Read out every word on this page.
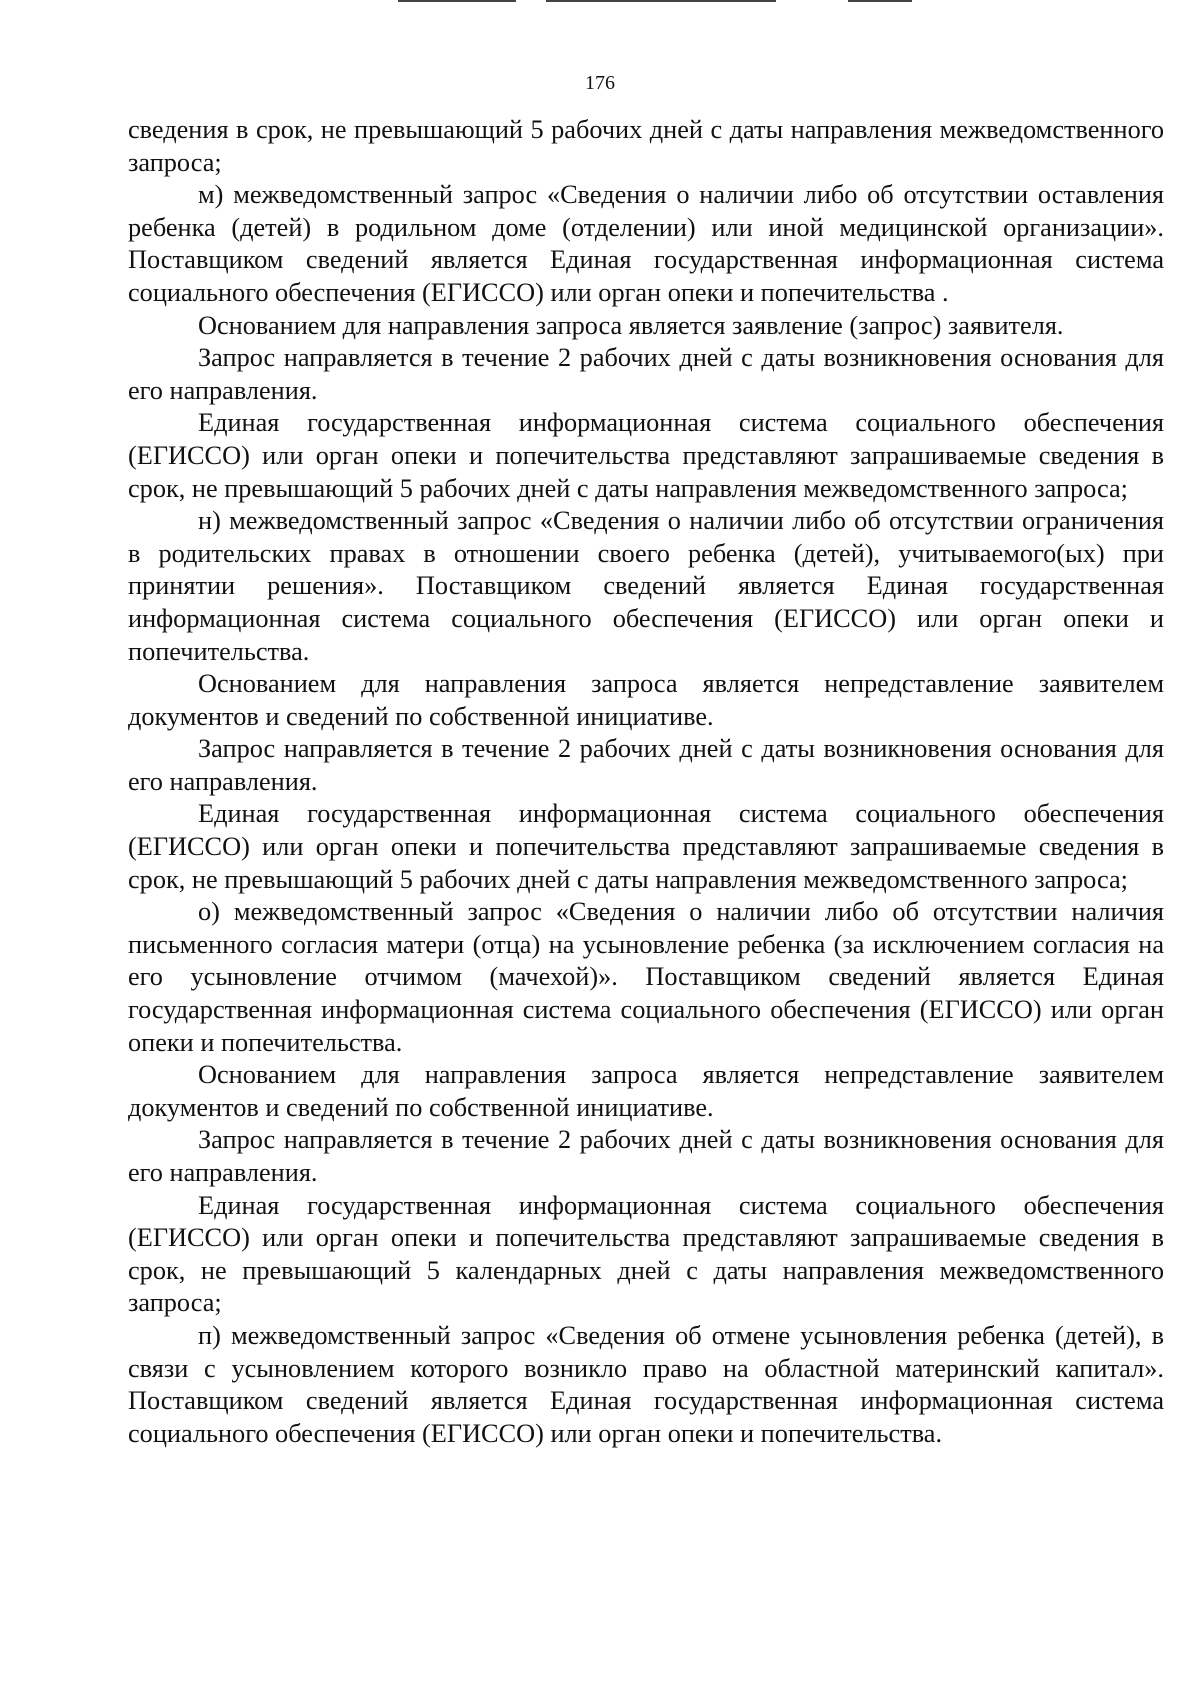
176

сведения в срок, не превышающий 5 рабочих дней с даты направления межведомственного запроса;

м) межведомственный запрос «Сведения о наличии либо об отсутствии оставления ребенка (детей) в родильном доме (отделении) или иной медицинской организации». Поставщиком сведений является Единая государственная информационная система социального обеспечения (ЕГИССО) или орган опеки и попечительства .

Основанием для направления запроса является заявление (запрос) заявителя.

Запрос направляется в течение 2 рабочих дней с даты возникновения основания для его направления.

Единая государственная информационная система социального обеспечения (ЕГИССО) или орган опеки и попечительства представляют запрашиваемые сведения в срок, не превышающий 5 рабочих дней с даты направления межведомственного запроса;

н) межведомственный запрос «Сведения о наличии либо об отсутствии ограничения в родительских правах в отношении своего ребенка (детей), учитываемого(ых) при принятии решения». Поставщиком сведений является Единая государственная информационная система социального обеспечения (ЕГИССО) или орган опеки и попечительства.

Основанием для направления запроса является непредставление заявителем документов и сведений по собственной инициативе.

Запрос направляется в течение 2 рабочих дней с даты возникновения основания для его направления.

Единая государственная информационная система социального обеспечения (ЕГИССО) или орган опеки и попечительства представляют запрашиваемые сведения в срок, не превышающий 5 рабочих дней с даты направления межведомственного запроса;

о) межведомственный запрос «Сведения о наличии либо об отсутствии наличия письменного согласия матери (отца) на усыновление ребенка (за исключением согласия на его усыновление отчимом (мачехой)». Поставщиком сведений является Единая государственная информационная система социального обеспечения (ЕГИССО) или орган опеки и попечительства.

Основанием для направления запроса является непредставление заявителем документов и сведений по собственной инициативе.

Запрос направляется в течение 2 рабочих дней с даты возникновения основания для его направления.

Единая государственная информационная система социального обеспечения (ЕГИССО) или орган опеки и попечительства представляют запрашиваемые сведения в срок, не превышающий 5 календарных дней с даты направления межведомственного запроса;

п) межведомственный запрос «Сведения об отмене усыновления ребенка (детей), в связи с усыновлением которого возникло право на областной материнский капитал». Поставщиком сведений является Единая государственная информационная система социального обеспечения (ЕГИССО) или орган опеки и попечительства.
